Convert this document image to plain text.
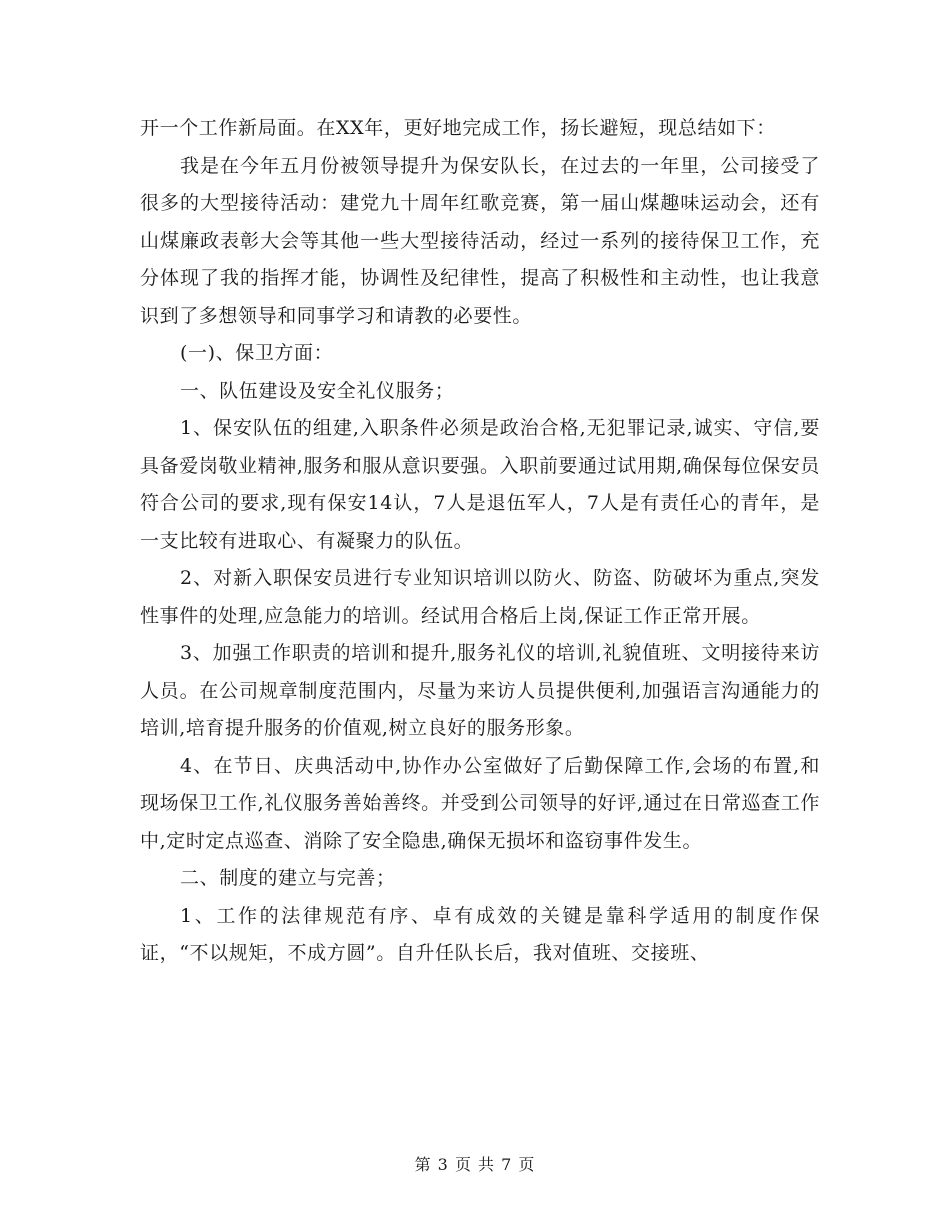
开一个工作新局面。在XX年，更好地完成工作，扬长避短，现总结如下：

我是在今年五月份被领导提升为保安队长，在过去的一年里，公司接受了很多的大型接待活动：建党九十周年红歌竞赛，第一届山煤趣味运动会，还有山煤廉政表彰大会等其他一些大型接待活动，经过一系列的接待保卫工作，充分体现了我的指挥才能，协调性及纪律性，提高了积极性和主动性，也让我意识到了多想领导和同事学习和请教的必要性。

(一)、保卫方面：

一、队伍建设及安全礼仪服务；

1、保安队伍的组建,入职条件必须是政治合格,无犯罪记录,诚实、守信,要具备爱岗敬业精神,服务和服从意识要强。入职前要通过试用期,确保每位保安员符合公司的要求,现有保安14认，7人是退伍军人，7人是有责任心的青年，是一支比较有进取心、有凝聚力的队伍。

2、对新入职保安员进行专业知识培训以防火、防盗、防破坏为重点,突发性事件的处理,应急能力的培训。经试用合格后上岗,保证工作正常开展。

3、加强工作职责的培训和提升,服务礼仪的培训,礼貌值班、文明接待来访人员。在公司规章制度范围内，尽量为来访人员提供便利,加强语言沟通能力的培训,培育提升服务的价值观,树立良好的服务形象。

4、在节日、庆典活动中,协作办公室做好了后勤保障工作,会场的布置,和现场保卫工作,礼仪服务善始善终。并受到公司领导的好评,通过在日常巡查工作中,定时定点巡查、消除了安全隐患,确保无损坏和盗窃事件发生。

二、制度的建立与完善；

1、工作的法律规范有序、卓有成效的关键是靠科学适用的制度作保证，“不以规矩，不成方圆”。自升任队长后，我对值班、交接班、

第 3 页 共 7 页
